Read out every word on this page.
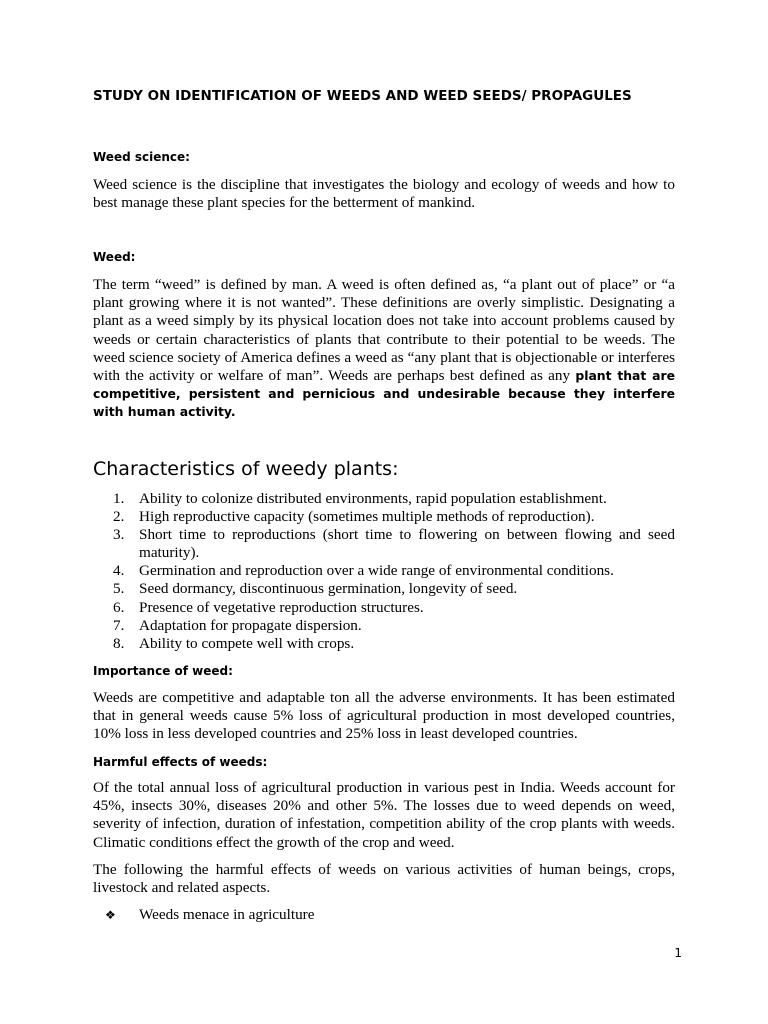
STUDY ON IDENTIFICATION OF WEEDS AND WEED SEEDS/ PROPAGULES
Weed science:

Weed science is the discipline that investigates the biology and ecology of weeds and how to best manage these plant species for the betterment of mankind.

Weed:

The term “weed” is defined by man. A weed is often defined as, “a plant out of place” or “a plant growing where it is not wanted”. These definitions are overly simplistic. Designating a plant as a weed simply by its physical location does not take into account problems caused by weeds or certain characteristics of plants that contribute to their potential to be weeds. The weed science society of America defines a weed as “any plant that is objectionable or interferes with the activity or welfare of man”. Weeds are perhaps best defined as any plant that are competitive, persistent and pernicious and undesirable because they interfere with human activity.

Characteristics of weedy plants:
1. Ability to colonize distributed environments, rapid population establishment.
2. High reproductive capacity (sometimes multiple methods of reproduction).
3. Short time to reproductions (short time to flowering on between flowing and seed maturity).
4. Germination and reproduction over a wide range of environmental conditions.
5. Seed dormancy, discontinuous germination, longevity of seed.
6. Presence of vegetative reproduction structures.
7. Adaptation for propagate dispersion.
8. Ability to compete well with crops.
Importance of weed:

Weeds are competitive and adaptable ton all the adverse environments. It has been estimated that in general weeds cause 5% loss of agricultural production in most developed countries, 10% loss in less developed countries and 25% loss in least developed countries.

Harmful effects of weeds:

Of the total annual loss of agricultural production in various pest in India. Weeds account for 45%, insects 30%, diseases 20% and other 5%. The losses due to weed depends on weed, severity of infection, duration of infestation, competition ability of the crop plants with weeds. Climatic conditions effect the growth of the crop and weed.

The following the harmful effects of weeds on various activities of human beings, crops, livestock and related aspects.

❖ Weeds menace in agriculture

1
